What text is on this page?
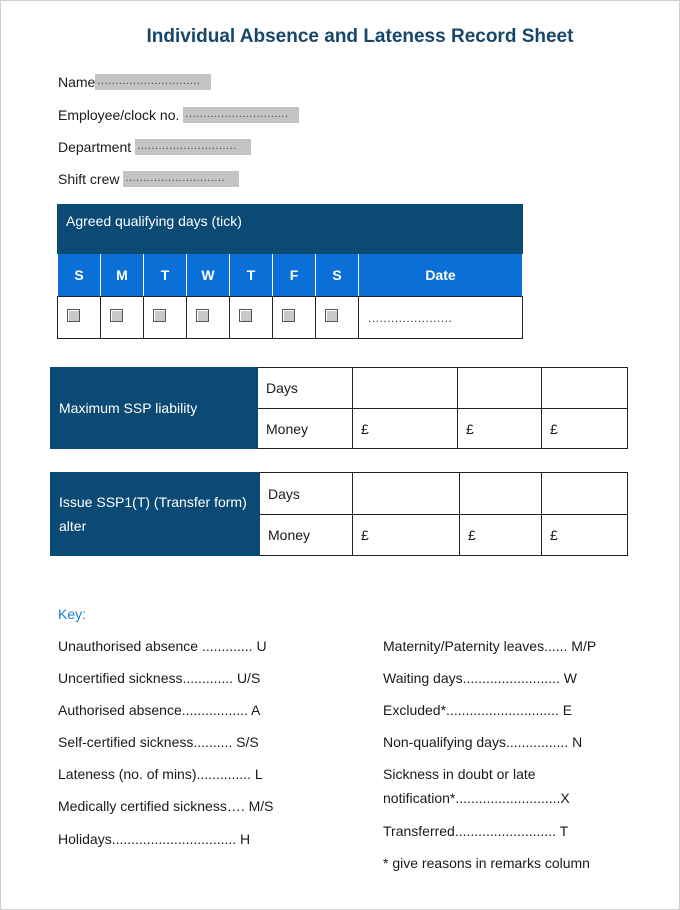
Individual Absence and Lateness Record Sheet
Name .............................
Employee/clock no. .............................
Department ............................
Shift crew ............................
Agreed qualifying days (tick)							
S	M	T	W	T	F	S	Date
							......................
Maximum SSP liability	Days			
	Money	£	£	£
Issue SSP1(T) (Transfer form) alter	Days			
	Money	£	£	£
Key:
Unauthorised absence ............. U
Uncertified sickness............. U/S
Authorised absence................. A
Self-certified sickness.......... S/S
Lateness (no. of mins).............. L
Medically certified sickness…. M/S
Holidays................................ H
Maternity/Paternity leaves...... M/P
Waiting days......................... W
Excluded*............................. E
Non-qualifying days................ N
Sickness in doubt or late
notification*...........................X
Transferred.......................... T
* give reasons in remarks column
